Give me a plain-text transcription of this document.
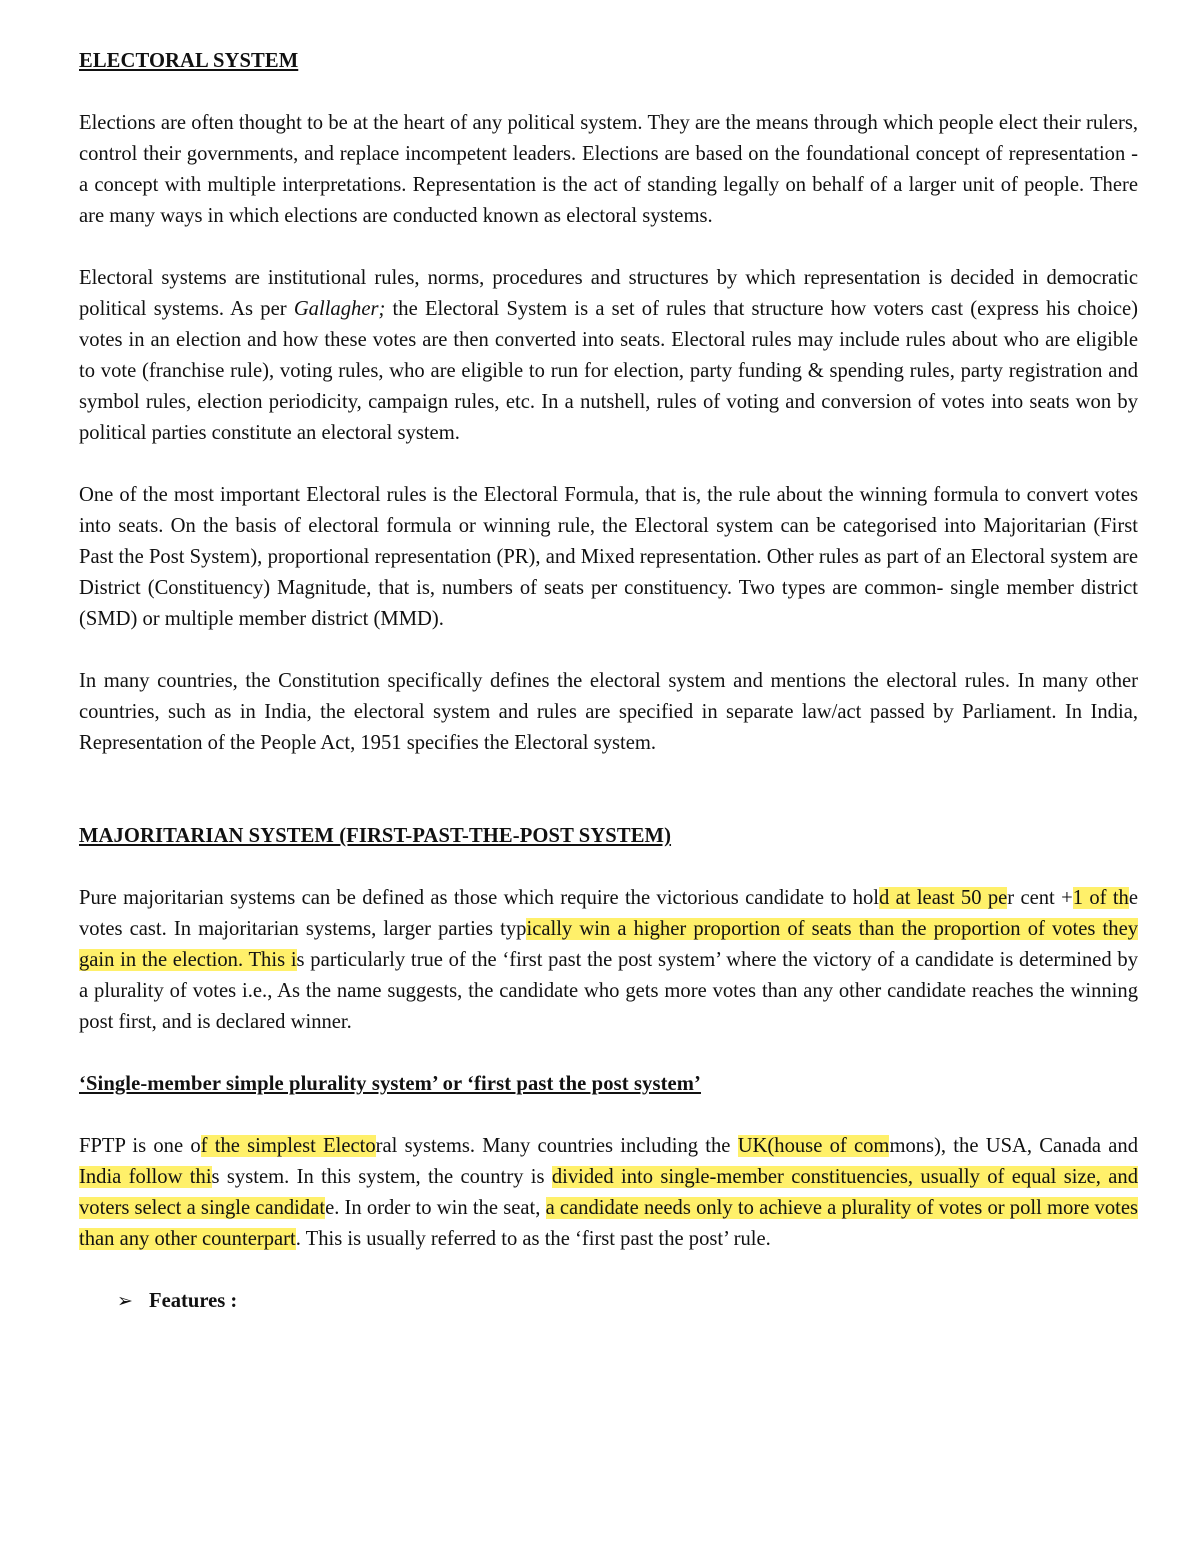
ELECTORAL SYSTEM

Elections are often thought to be at the heart of any political system. They are the means through which people elect their rulers, control their governments, and replace incompetent leaders. Elections are based on the foundational concept of representation - a concept with multiple interpretations. Representation is the act of standing legally on behalf of a larger unit of people. There are many ways in which elections are conducted known as electoral systems.

Electoral systems are institutional rules, norms, procedures and structures by which representation is decided in democratic political systems. As per Gallagher; the Electoral System is a set of rules that structure how voters cast (express his choice) votes in an election and how these votes are then converted into seats. Electoral rules may include rules about who are eligible to vote (franchise rule), voting rules, who are eligible to run for election, party funding & spending rules, party registration and symbol rules, election periodicity, campaign rules, etc. In a nutshell, rules of voting and conversion of votes into seats won by political parties constitute an electoral system.

One of the most important Electoral rules is the Electoral Formula, that is, the rule about the winning formula to convert votes into seats. On the basis of electoral formula or winning rule, the Electoral system can be categorised into Majoritarian (First Past the Post System), proportional representation (PR), and Mixed representation. Other rules as part of an Electoral system are District (Constituency) Magnitude, that is, numbers of seats per constituency. Two types are common- single member district (SMD) or multiple member district (MMD).

In many countries, the Constitution specifically defines the electoral system and mentions the electoral rules. In many other countries, such as in India, the electoral system and rules are specified in separate law/act passed by Parliament. In India, Representation of the People Act, 1951 specifies the Electoral system.

MAJORITARIAN SYSTEM (FIRST-PAST-THE-POST SYSTEM)

Pure majoritarian systems can be defined as those which require the victorious candidate to hold at least 50 per cent +1 of the votes cast. In majoritarian systems, larger parties typically win a higher proportion of seats than the proportion of votes they gain in the election. This is particularly true of the ‘first past the post system’ where the victory of a candidate is determined by a plurality of votes i.e., As the name suggests, the candidate who gets more votes than any other candidate reaches the winning post first, and is declared winner.

‘Single-member simple plurality system’ or ‘first past the post system’

FPTP is one of the simplest Electoral systems. Many countries including the UK(house of commons), the USA, Canada and India follow this system. In this system, the country is divided into single-member constituencies, usually of equal size, and voters select a single candidate. In order to win the seat, a candidate needs only to achieve a plurality of votes or poll more votes than any other counterpart. This is usually referred to as the ‘first past the post’ rule.

➢ Features :
